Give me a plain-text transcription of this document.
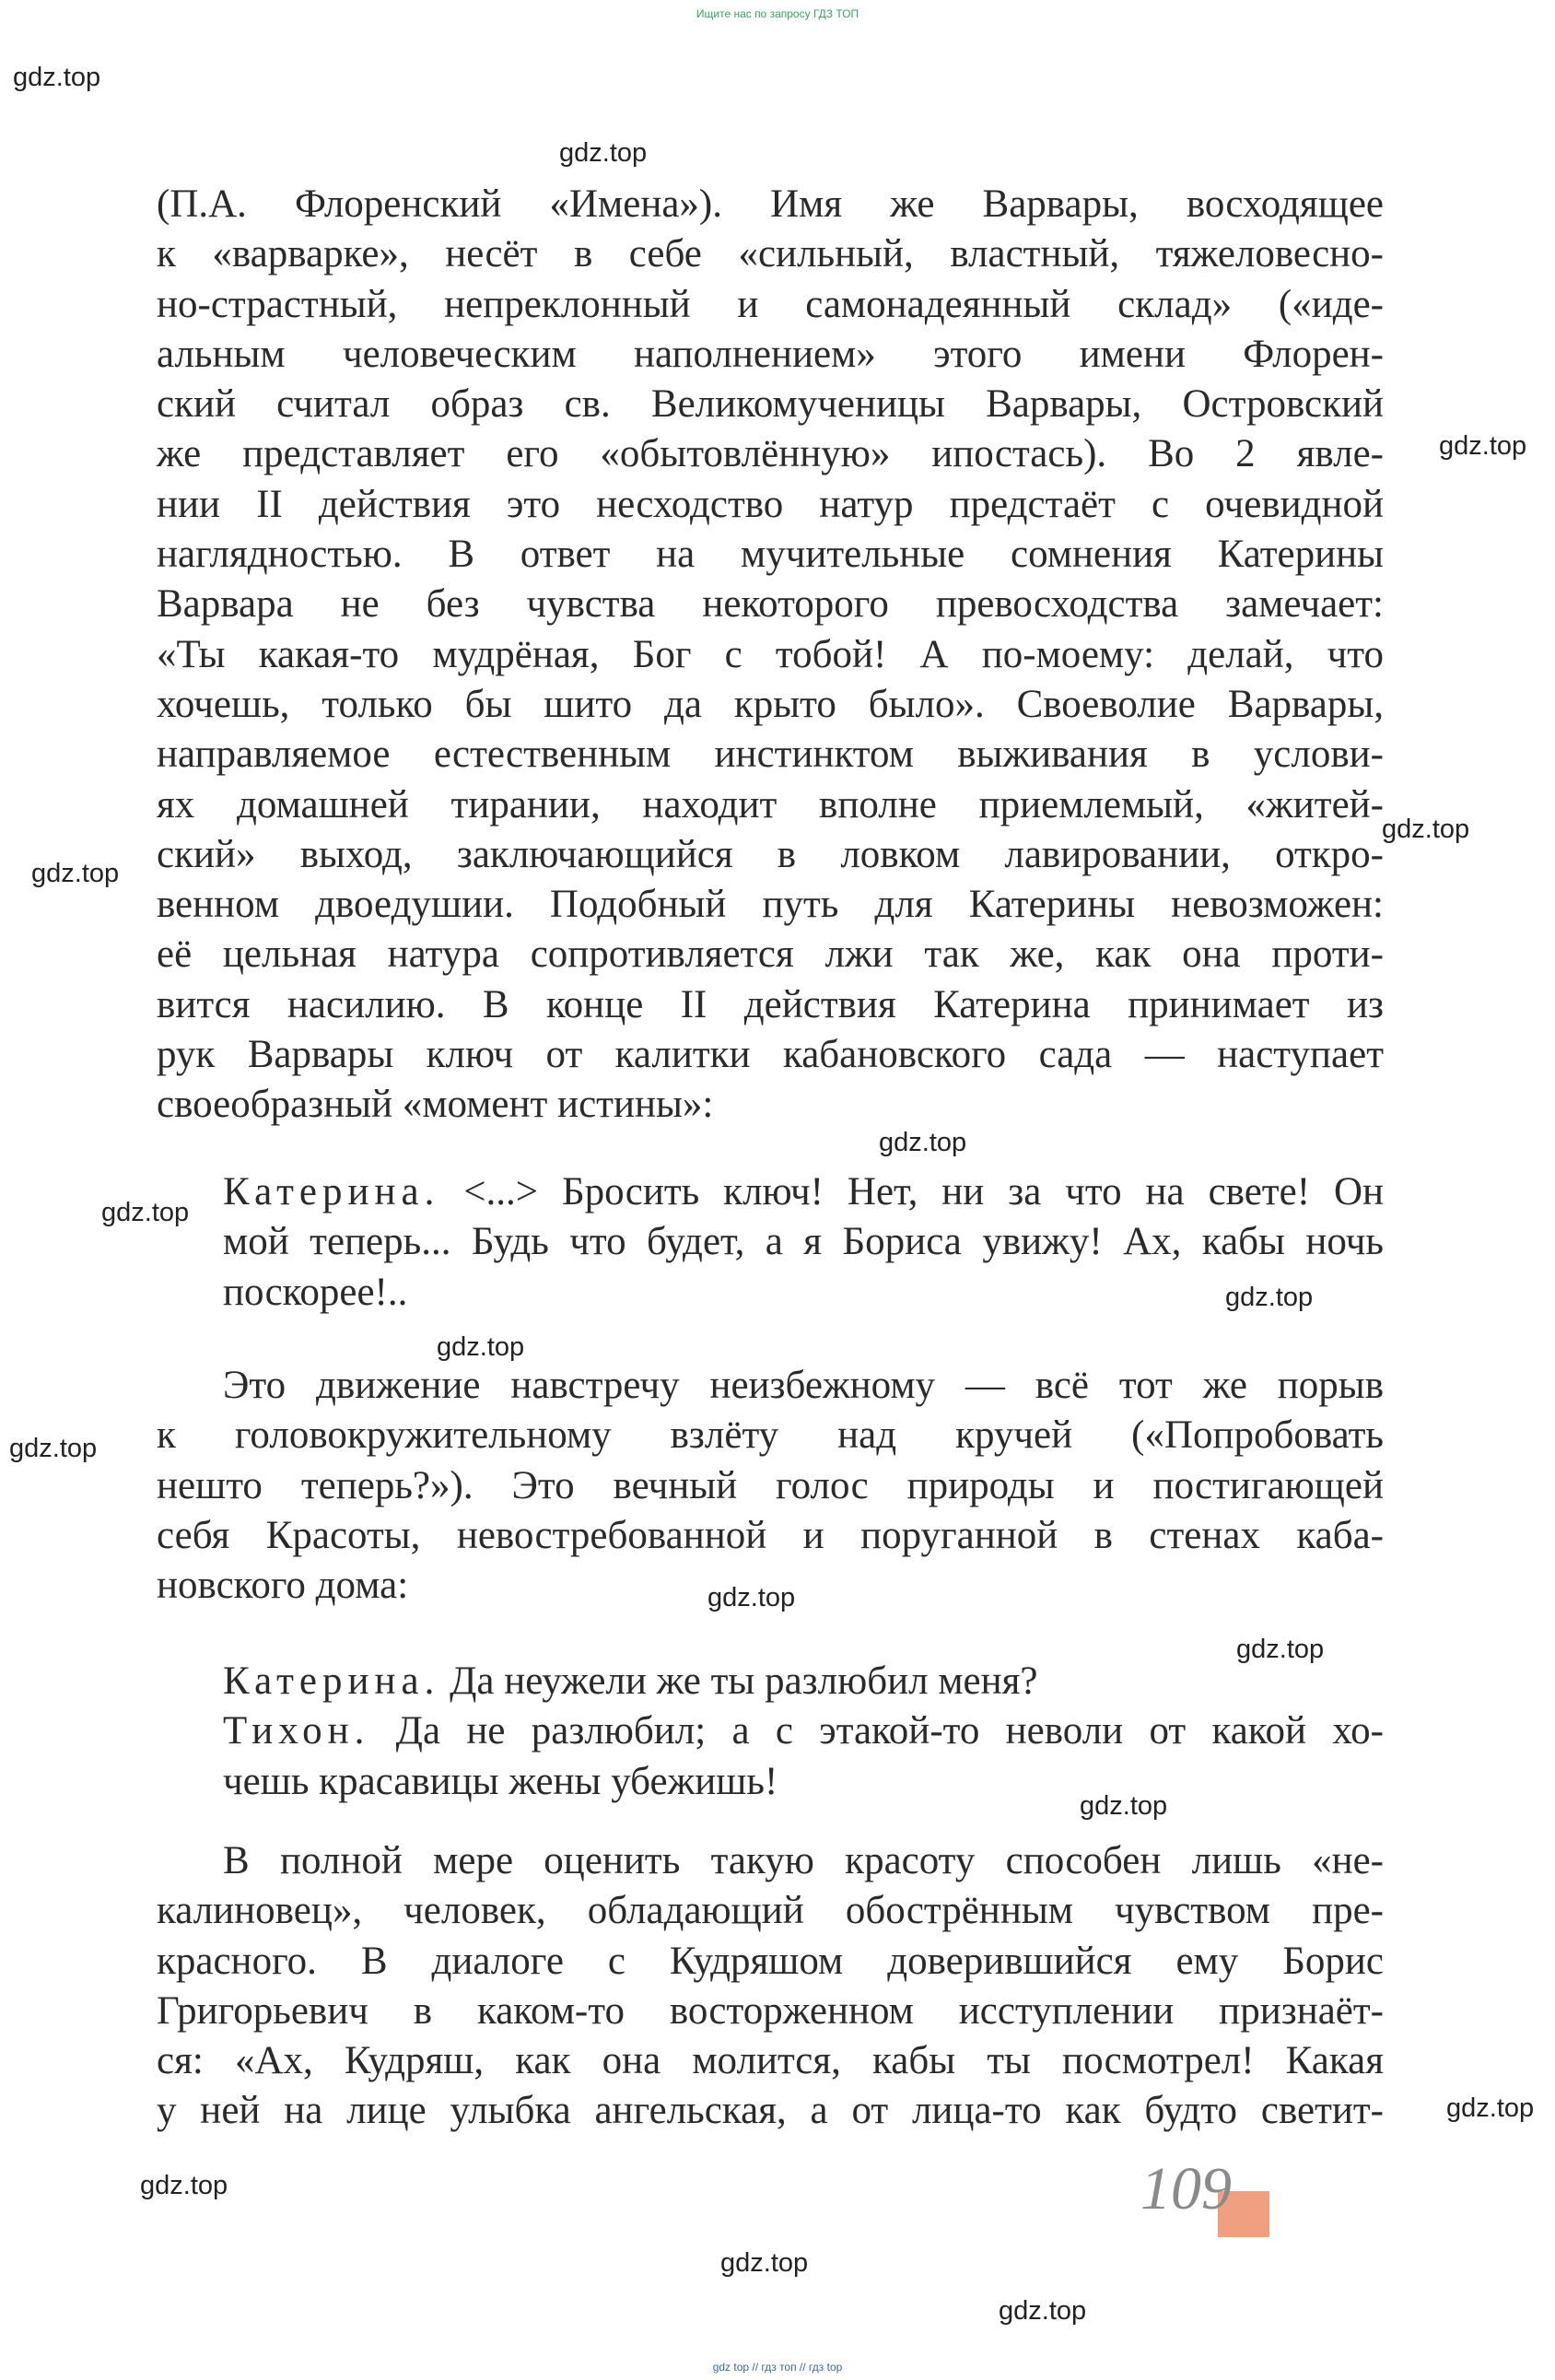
Ищите нас по запросу ГДЗ ТОП
(П.А. Флоренский «Имена»). Имя же Варвары, восходящее
к «варварке», несёт в себе «сильный, властный, тяжеловесно-
но-страстный, непреклонный и самонадеянный склад» («иде-
альным человеческим наполнением» этого имени Флорен-
ский считал образ св. Великомученицы Варвары, Островский
же представляет его «обытовлённую» ипостась). Во 2 явле-
нии II действия это несходство натур предстаёт с очевидной
наглядностью. В ответ на мучительные сомнения Катерины
Варвара не без чувства некоторого превосходства замечает:
«Ты какая-то мудрёная, Бог с тобой! А по-моему: делай, что
хочешь, только бы шито да крыто было». Своеволие Варвары,
направляемое естественным инстинктом выживания в услови-
ях домашней тирании, находит вполне приемлемый, «житей-
ский» выход, заключающийся в ловком лавировании, откро-
венном двоедушии. Подобный путь для Катерины невозможен:
её цельная натура сопротивляется лжи так же, как она проти-
вится насилию. В конце II действия Катерина принимает из
рук Варвары ключ от калитки кабановского сада — наступает
своеобразный «момент истины»:
Катерина. <...> Бросить ключ! Нет, ни за что на свете! Он
мой теперь... Будь что будет, а я Бориса увижу! Ах, кабы ночь
поскорее!..
Это движение навстречу неизбежному — всё тот же порыв
к головокружительному взлёту над кручей («Попробовать
нешто теперь?»). Это вечный голос природы и постигающей
себя Красоты, невостребованной и поруганной в стенах каба-
новского дома:
Катерина. Да неужели же ты разлюбил меня?
Тихон. Да не разлюбил; а с этакой-то неволи от какой хо-
чешь красавицы жены убежишь!
В полной мере оценить такую красоту способен лишь «не-
калиновец», человек, обладающий обострённым чувством пре-
красного. В диалоге с Кудряшом доверившийся ему Борис
Григорьевич в каком-то восторженном исступлении признаёт-
ся: «Ах, Кудряш, как она молится, кабы ты посмотрел! Какая
у ней на лице улыбка ангельская, а от лица-то как будто светит-
gdz.top
gdz.top
gdz.top
gdz.top
gdz.top
gdz.top
gdz.top
gdz.top
gdz.top
gdz.top
gdz.top
gdz.top
gdz.top
gdz.top
gdz.top
gdz.top
gdz.top
109
gdz top // гдз топ // гдз top
